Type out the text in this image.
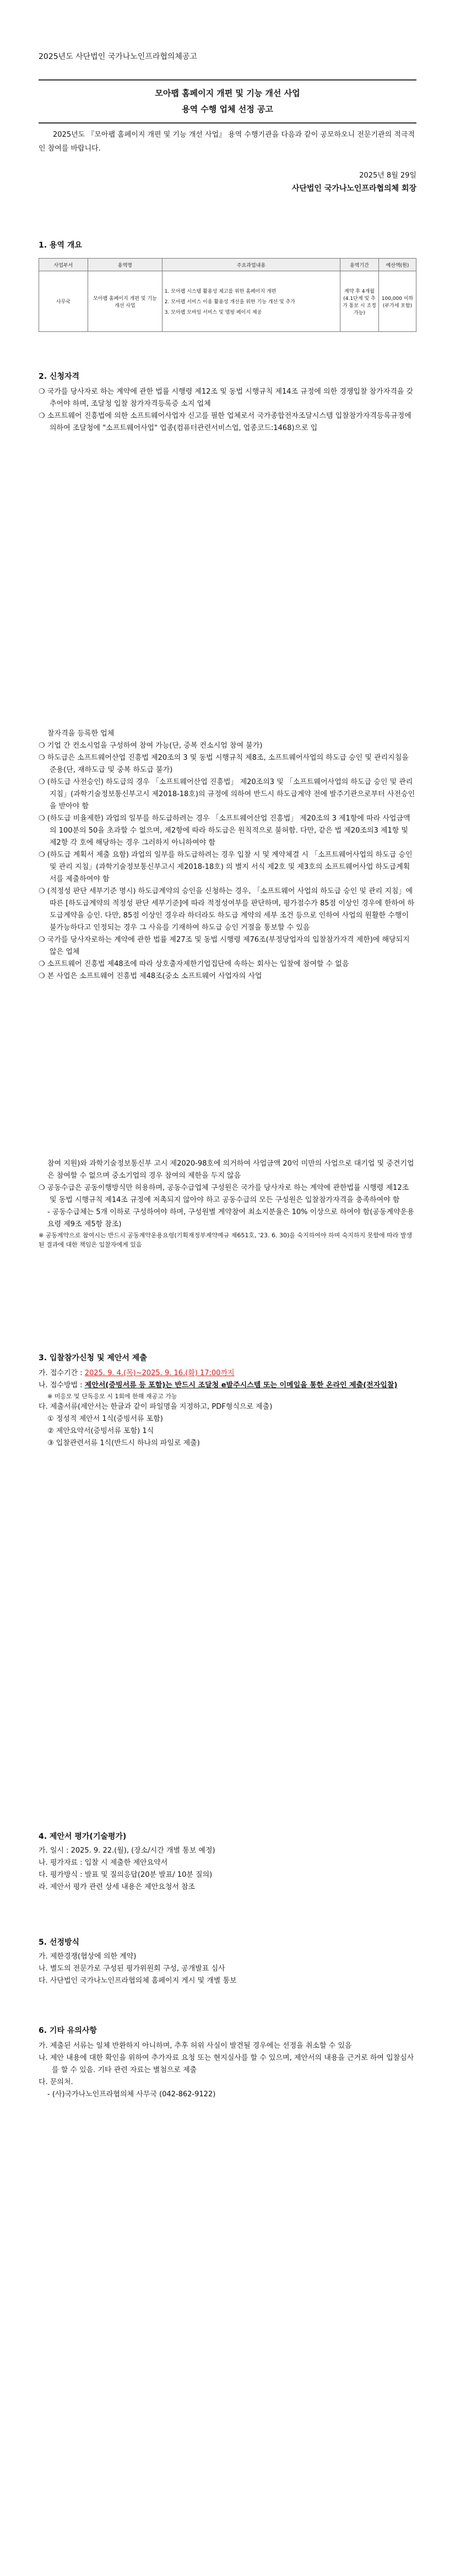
2025년도 사단법인 국가나노인프라협의체공고
모아팹 홈페이지 개편 및 기능 개선 사업
용역 수행 업체 선정 공고
2025년도 『모아팹 홈페이지 개편 및 기능 개선 사업』 용역 수행기관을 다음과 같이 공모하오니 전문기관의 적극적인 참여를 바랍니다.
2025년 8월 29일
사단법인 국가나노인프라협의체 회장
1. 용역 개요
사업부서	용역명	주요과업내용	용역기간	예산액(원)
사무국	모아팹 홈페이지 개편 및 기능 개선 사업	1. 모아팹 시스템 활용성 제고를 위한 홈페이지 개편
2. 모아팹 서비스 이용 활용성 개선을 위한 기능 개선 및 추가
3. 모아팹 모바일 서비스 및 맵핑 페이지 제공	계약 후 4개월 (4.1단계 및 추가 통보 시 조정 가능)	100,000 이하 (부가세 포함)
2. 신청자격

❍ 국가를 당사자로 하는 계약에 관한 법률 시행령 제12조 및 동법 시행규칙 제14조 규정에 의한 경쟁입찰 참가자격을 갖추어야 하며, 조달청 입찰 참가자격등록증 소지 업체

❍ 소프트웨어 진흥법에 의한 소프트웨어사업자 신고를 필한 업체로서 국가종합전자조달시스템 입찰참가자격등록규정에 의하여 조달청에 "소프트웨어사업" 업종(컴퓨터관련서비스업, 업종코드:1468)으로 입

찰자격을 등록한 업체

❍ 기업 간 컨소시엄을 구성하여 참여 가능(단, 중복 컨소시엄 참여 불가)

❍ 하도급은 소프트웨어산업 진흥법 제20조의 3 및 동법 시행규칙 제8조, 소프트웨어사업의 하도급 승인 및 관리지침을 준용(단, 재하도급 및 중복 하도급 불가)

❍ (하도급 사전승인) 하도급의 경우 「소프트웨어산업 진흥법」 제20조의3 및 「소프트웨어사업의 하도급 승인 및 관리 지침」(과학기술정보통신부고시 제2018-18호)의 규정에 의하여 반드시 하도급계약 전에 발주기관으로부터 사전승인을 받아야 함

❍ (하도급 비율제한) 과업의 일부를 하도급하려는 경우 「소프트웨어산업 진흥법」 제20조의 3 제1항에 따라 사업금액의 100분의 50을 초과할 수 없으며, 제2항에 따라 하도급은 원칙적으로 불허함. 다만, 같은 법 제20조의3 제1항 및 제2항 각 호에 해당하는 경우 그러하지 아니하여야 함

❍ (하도급 계획서 제출 요함) 과업의 일부를 하도급하려는 경우 입찰 시 및 계약체결 시 「소프트웨어사업의 하도급 승인 및 관리 지침」(과학기술정보통신부고시 제2018-18호) 의 별지 서식 제2호 및 제3호의 소프트웨어사업 하도급계획서를 제출하여야 함

❍ (적정성 판단 세부기준 명시) 하도급계약의 승인을 신청하는 경우, 「소프트웨어 사업의 하도급 승인 및 관리 지침」에 따른 [하도급계약의 적정성 판단 세부기준]에 따라 적정성여부를 판단하며, 평가점수가 85점 이상인 경우에 한하여 하도급계약을 승인. 다만, 85점 이상인 경우라 하더라도 하도급 계약의 세부 조건 등으로 인하여 사업의 원활한 수행이 불가능하다고 인정되는 경우 그 사유를 기재하여 하도급 승인 거절을 통보할 수 있음

❍ 국가를 당사자로하는 계약에 관한 법률 제27조 및 동법 시행령 제76조(부정당업자의 입찰참가자격 제한)에 해당되지 않은 업체

❍ 소프트웨어 진흥법 제48조에 따라 상호출자제한기업집단에 속하는 회사는 입찰에 참여할 수 없음

❍ 본 사업은 소프트웨어 진흥법 제48조(중소 소프트웨어 사업자의 사업

참여 지원)와 과학기술정보통신부 고시 제2020-98호에 의거하여 사업금액 20억 미만의 사업으로 대기업 및 중견기업은 참여할 수 없으며 중소기업의 경우 참여의 제한을 두지 않음

❍ 공동수급은 공동이행방식만 허용하며, 공동수급업체 구성원은 국가를 당사자로 하는 계약에 관한법률 시행령 제12조 및 동법 시행규칙 제14조 규정에 저촉되지 않아야 하고 공동수급의 모든 구성원은 입찰참가자격을 충족하여야 함

- 공동수급체는 5개 이하로 구성하여야 하며, 구성원별 계약참여 최소지분율은 10% 이상으로 하여야 함(공동계약운용요령 제9조 제5항 참조)

※ 공동계약으로 참여시는 반드시 공동계약운용요령(기획재정부계약예규 제651호, '23. 6. 30)을 숙지하여야 하며 숙지하지 못함에 따라 발생된 결과에 대한 책임은 입찰자에게 있음

3. 입찰참가신청 및 제안서 제출

가. 접수기간 : 2025. 9. 4.(목)~2025. 9. 16.(화) 17:00까지

나. 접수방법 : 제안서(증빙서류 등 포함)는 반드시 조달청 e발주시스템 또는 이메일을 통한 온라인 제출(전자입찰)

※ 미응모 및 단독응모 시 1회에 한해 재공고 가능

다. 제출서류(제안서는 한글과 같이 파일명을 지정하고, PDF형식으로 제출)

① 정성적 제안서 1식(증빙서류 포함)

② 제안요약서(증빙서류 포함) 1식

③ 입찰관련서류 1식(반드시 하나의 파일로 제출)

4. 제안서 평가(기술평가)

가. 일시 : 2025. 9. 22.(월), (장소/시간 개별 통보 예정)

나. 평가자료 : 입찰 시 제출한 제안요약서

다. 평가방식 : 발표 및 질의응답(20분 발표/ 10분 질의)

라. 제안서 평가 관련 상세 내용은 제안요청서 참조

5. 선정방식

가. 제한경쟁(협상에 의한 계약)

나. 별도의 전문가로 구성된 평가위원회 구성, 공개발표 심사

다. 사단법인 국가나노인프라협의체 홈페이지 게시 및 개별 통보

6. 기타 유의사항

가. 제출된 서류는 일체 반환하지 아니하며, 추후 허위 사실이 발견될 경우에는 선정을 취소할 수 있음

나. 제안 내용에 대한 확인을 위하여 추가자료 요청 또는 현지실사를 할 수 있으며, 제안서의 내용을 근거로 하여 입찰심사를 할 수 있음. 기타 관련 자료는 별첨으로 제출

다. 문의처.

- (사)국가나노인프라협의체 사무국 (042-862-9122)
